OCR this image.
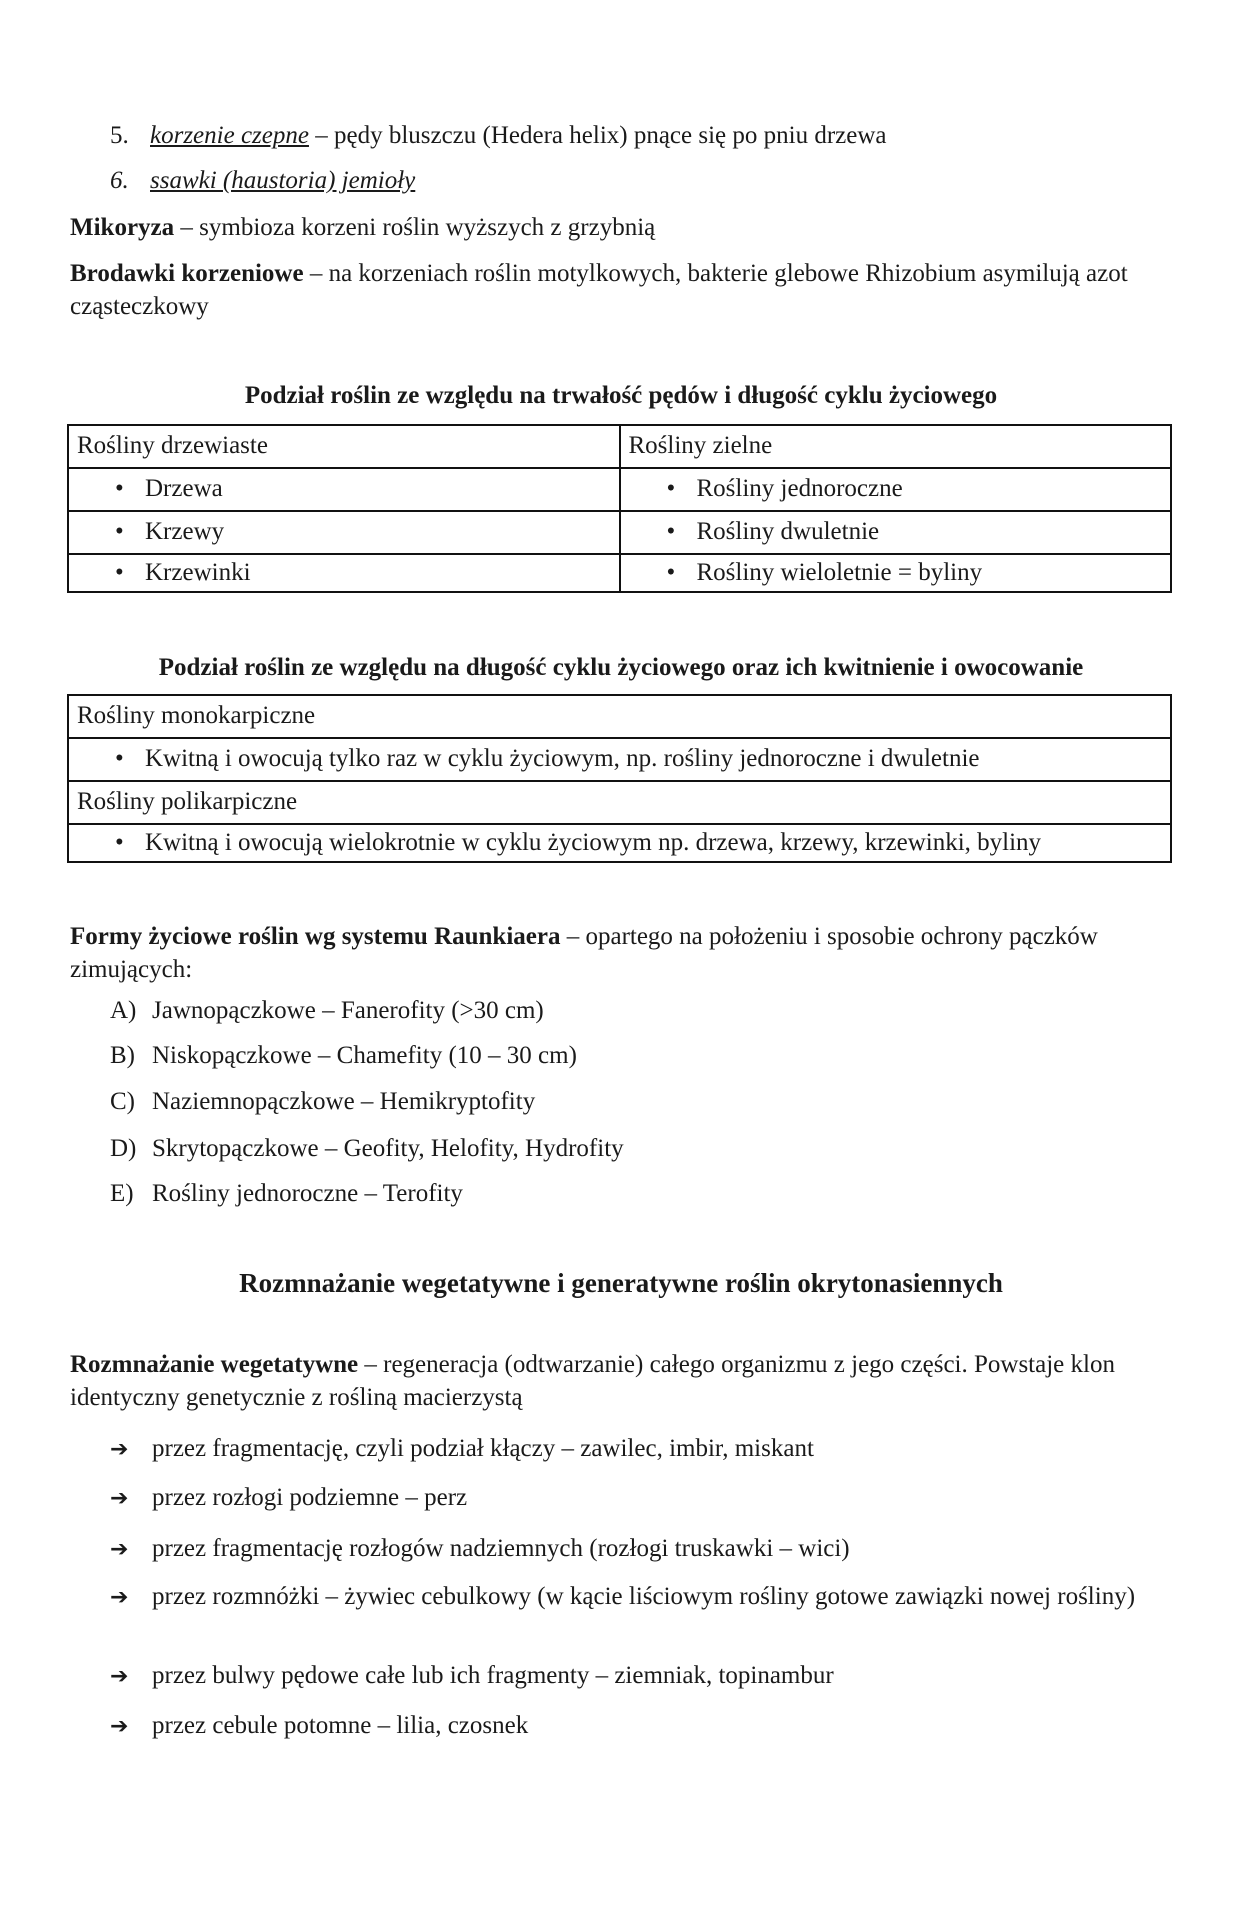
5. korzenie czepne – pędy bluszczu (Hedera helix) pnące się po pniu drzewa
6. ssawki (haustoria) jemioły
Mikoryza – symbioza korzeni roślin wyższych z grzybnią
Brodawki korzeniowe – na korzeniach roślin motylkowych, bakterie glebowe Rhizobium asymilują azot cząsteczkowy
Podział roślin ze względu na trwałość pędów i długość cyklu życiowego
Rośliny drzewiaste	Rośliny zielne
• Drzewa	• Rośliny jednoroczne
• Krzewy	• Rośliny dwuletnie
• Krzewinki	• Rośliny wieloletnie = byliny
Podział roślin ze względu na długość cyklu życiowego oraz ich kwitnienie i owocowanie
Rośliny monokarpiczne
• Kwitną i owocują tylko raz w cyklu życiowym, np. rośliny jednoroczne i dwuletnie
Rośliny polikarpiczne
• Kwitną i owocują wielokrotnie w cyklu życiowym np. drzewa, krzewy, krzewinki, byliny
Formy życiowe roślin wg systemu Raunkiaera – opartego na położeniu i sposobie ochrony pączków zimujących:
A) Jawnopączkowe – Fanerofity (>30 cm)
B) Niskopączkowe – Chamefity (10 – 30 cm)
C) Naziemnopączkowe – Hemikryptofity
D) Skrytopączkowe – Geofity, Helofity, Hydrofity
E) Rośliny jednoroczne – Terofity
Rozmnażanie wegetatywne i generatywne roślin okrytonasiennych
Rozmnażanie wegetatywne – regeneracja (odtwarzanie) całego organizmu z jego części. Powstaje klon identyczny genetycznie z rośliną macierzystą
➔ przez fragmentację, czyli podział kłączy – zawilec, imbir, miskant
➔ przez rozłogi podziemne – perz
➔ przez fragmentację rozłogów nadziemnych (rozłogi truskawki – wici)
➔ przez rozmnóżki – żywiec cebulkowy (w kącie liściowym rośliny gotowe zawiązki nowej rośliny)
➔ przez bulwy pędowe całe lub ich fragmenty – ziemniak, topinambur
➔ przez cebule potomne – lilia, czosnek
